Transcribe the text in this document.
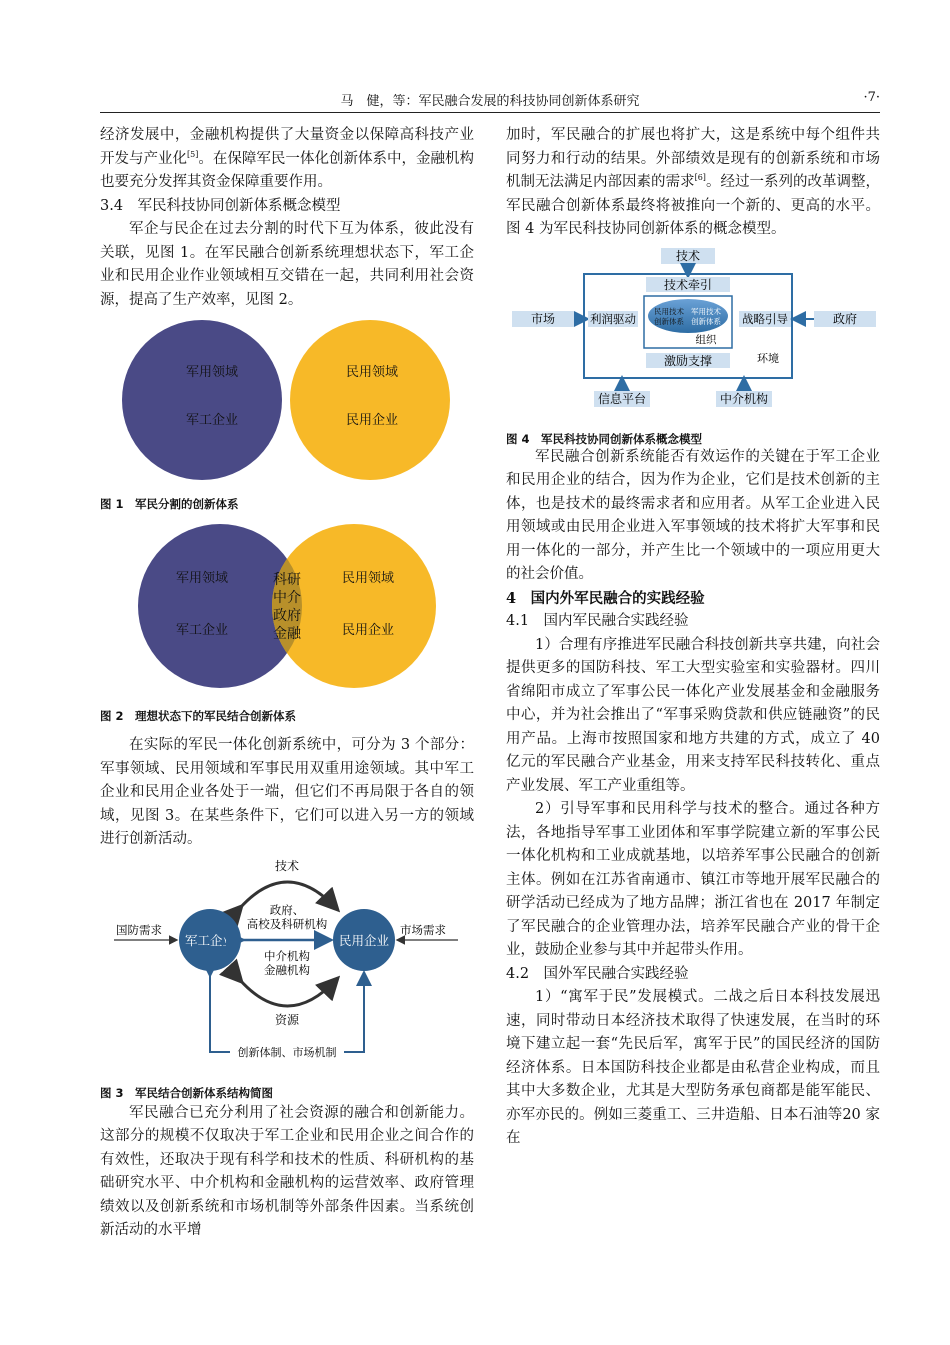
马　健，等：军民融合发展的科技协同创新体系研究	·7·

经济发展中，金融机构提供了大量资金以保障高科技产业开发与产业化[5]。在保障军民一体化创新体系中，金融机构也要充分发挥其资金保障重要作用。

3.4　军民科技协同创新体系概念模型

军企与民企在过去分割的时代下互为体系，彼此没有关联，见图 1。在军民融合创新系统理想状态下，军工企业和民用企业作业领域相互交错在一起，共同利用社会资源，提高了生产效率，见图 2。

军用领域
军工企业
民用领域
民用企业

图 1　军民分割的创新体系

军用领域
军工企业
民用领域
民用企业
科研
中介
政府
金融

图 2　理想状态下的军民结合创新体系

在实际的军民一体化创新系统中，可分为 3 个部分：军事领域、民用领域和军事民用双重用途领域。其中军工企业和民用企业各处于一端，但它们不再局限于各自的领域，见图 3。在某些条件下，它们可以进入另一方的领域进行创新活动。

技术
政府、
高校及科研机构
军工企业	民用企业
国防需求	市场需求
中介机构
金融机构
资源
创新体制、市场机制

图 3　军民结合创新体系结构简图

军民融合已充分利用了社会资源的融合和创新能力。这部分的规模不仅取决于军工企业和民用企业之间合作的有效性，还取决于现有科学和技术的性质、科研机构的基础研究水平、中介机构和金融机构的运营效率、政府管理绩效以及创新系统和市场机制等外部条件因素。当系统创新活动的水平增

加时，军民融合的扩展也将扩大，这是系统中每个组件共同努力和行动的结果。外部绩效是现有的创新系统和市场机制无法满足内部因素的需求[6]。经过一系列的改革调整，军民融合创新体系最终将被推向一个新的、更高的水平。图 4 为军民科技协同创新体系的概念模型。

技术
技术牵引
市场	利润驱动	战略引导	政府
民用技术
创新体系
军用技术
创新体系
组织
环境
激励支撑
信息平台	中介机构

图 4　军民科技协同创新体系概念模型

军民融合创新系统能否有效运作的关键在于军工企业和民用企业的结合，因为作为企业，它们是技术创新的主体，也是技术的最终需求者和应用者。从军工企业进入民用领域或由民用企业进入军事领域的技术将扩大军事和民用一体化的一部分，并产生比一个领域中的一项应用更大的社会价值。

4　国内外军民融合的实践经验

4.1　国内军民融合实践经验

1）合理有序推进军民融合科技创新共享共建，向社会提供更多的国防科技、军工大型实验室和实验器材。四川省绵阳市成立了军事公民一体化产业发展基金和金融服务中心，并为社会推出了“军事采购贷款和供应链融资”的民用产品。上海市按照国家和地方共建的方式，成立了 40 亿元的军民融合产业基金，用来支持军民科技转化、重点产业发展、军工产业重组等。

2）引导军事和民用科学与技术的整合。通过各种方法，各地指导军事工业团体和军事学院建立新的军事公民一体化机构和工业成就基地，以培养军事公民融合的创新主体。例如在江苏省南通市、镇江市等地开展军民融合的研学活动已经成为了地方品牌；浙江省也在 2017 年制定了军民融合的企业管理办法，培养军民融合产业的骨干企业，鼓励企业参与其中并起带头作用。

4.2　国外军民融合实践经验

1）“寓军于民”发展模式。二战之后日本科技发展迅速，同时带动日本经济技术取得了快速发展，在当时的环境下建立起一套“先民后军，寓军于民”的国民经济的国防经济体系。日本国防科技企业都是由私营企业构成，而且其中大多数企业，尤其是大型防务承包商都是能军能民、亦军亦民的。例如三菱重工、三井造船、日本石油等20 家在
